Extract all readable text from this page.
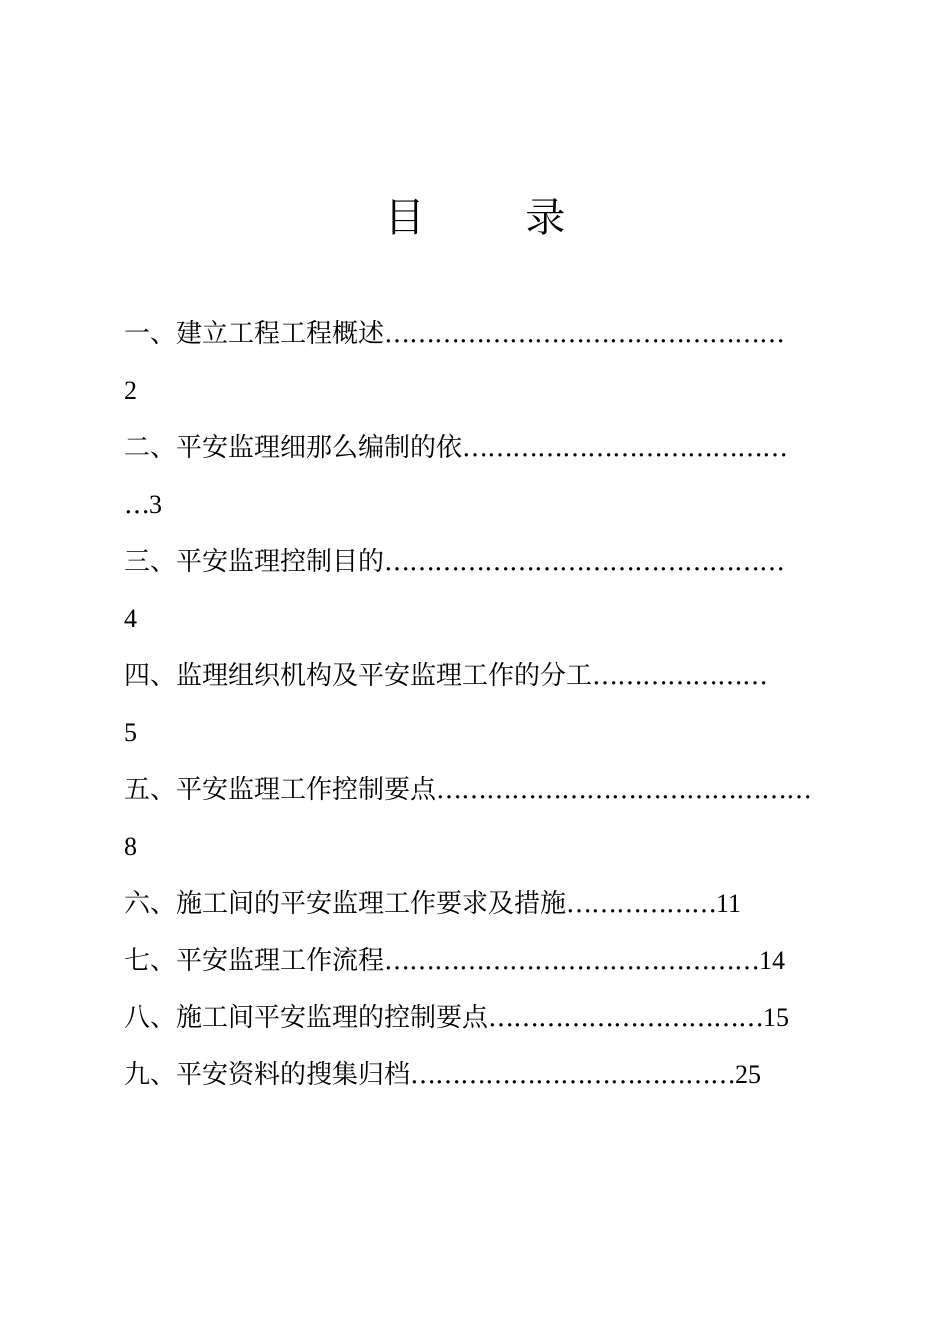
目 录
一、建立工程工程概述…………………………………………
2
二、平安监理细那么编制的依…………………………………
…3
三、平安监理控制目的…………………………………………
4
四、监理组织机构及平安监理工作的分工…………………
5
五、平安监理工作控制要点………………………………………
8
六、施工间的平安监理工作要求及措施………………11
七、平安监理工作流程………………………………………14
八、施工间平安监理的控制要点……………………………15
九、平安资料的搜集归档…………………………………25
